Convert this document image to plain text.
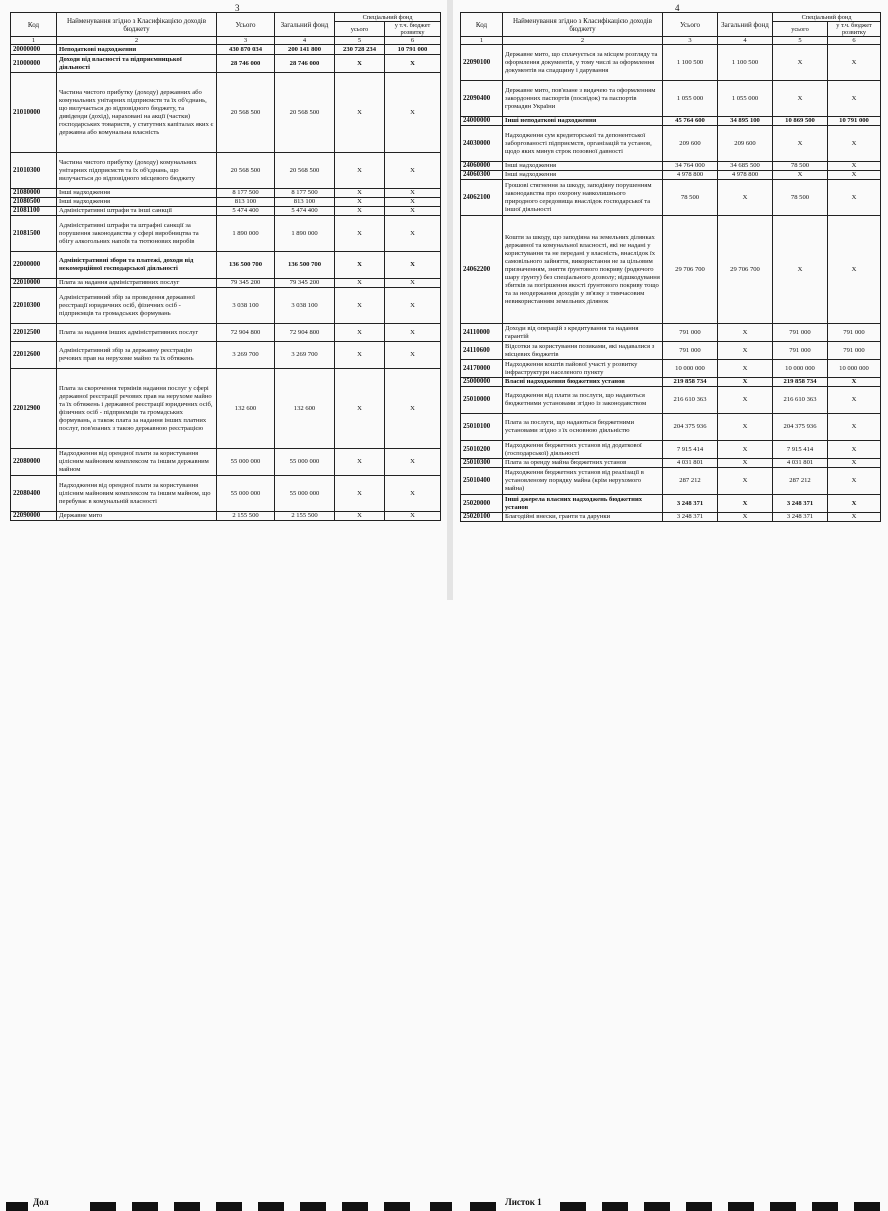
3
Код	Найменування згідно з Класифікацією доходів бюджету	Усього	Загальний фонд	Спеціальний фонд	
				усього	у т.ч. бюджет розвитку
1	2	3	4	5	6
20000000	Неподаткові надходження	430 870 034	200 141 800	230 728 234	10 791 000
21000000	Доходи від власності та підприємницької діяльності	28 746 000	28 746 000	X	X
21010000	Частина чистого прибутку (доходу) державних або комунальних унітарних підприємств та їх об'єднань, що вилучається до відповідного бюджету, та дивіденди (дохід), нараховані на акції (частки) господарських товариств, у статутних капіталах яких є державна або комунальна власність	20 568 500	20 568 500	X	X
21010300	Частина чистого прибутку (доходу) комунальних унітарних підприємств та їх об'єднань, що вилучається до відповідного місцевого бюджету	20 568 500	20 568 500	X	X
21080000	Інші надходження	8 177 500	8 177 500	X	X
21080500	Інші надходження	813 100	813 100	X	X
21081100	Адміністративні штрафи та інші санкції	5 474 400	5 474 400	X	X
21081500	Адміністративні штрафи та штрафні санкції за порушення законодавства у сфері виробництва та обігу алкогольних напоїв та тютюнових виробів	1 890 000	1 890 000	X	X
22000000	Адміністративні збори та платежі, доходи від некомерційної господарської діяльності	136 500 700	136 500 700	X	X
22010000	Плата за надання адміністративних послуг	79 345 200	79 345 200	X	X
22010300	Адміністративний збір за проведення державної реєстрації юридичних осіб, фізичних осіб - підприємців та громадських формувань	3 038 100	3 038 100	X	X
22012500	Плата за надання інших адміністративних послуг	72 904 800	72 904 800	X	X
22012600	Адміністративний збір за державну реєстрацію речових прав на нерухоме майно та їх обтяжень	3 269 700	3 269 700	X	X
22012900	Плата за скорочення термінів надання послуг у сфері державної реєстрації речових прав на нерухоме майно та їх обтяжень і державної реєстрації юридичних осіб, фізичних осіб - підприємців та громадських формувань, а також плата за надання інших платних послуг, пов'язаних з такою державною реєстрацією	132 600	132 600	X	X
22080000	Надходження від орендної плати за користування цілісним майновим комплексом та іншим державним майном	55 000 000	55 000 000	X	X
22080400	Надходження від орендної плати за користування цілісним майновим комплексом та іншим майном, що перебуває в комунальній власності	55 000 000	55 000 000	X	X
22090000	Державне мито	2 155 500	2 155 500	X	X
4
Код	Найменування згідно з Класифікацією доходів бюджету	Усього	Загальний фонд	Спеціальний фонд	
				усього	у т.ч. бюджет розвитку
1	2	3	4	5	6
22090100	Державне мито, що сплачується за місцем розгляду та оформлення документів, у тому числі за оформлення документів на спадщину і дарування	1 100 500	1 100 500	X	X
22090400	Державне мито, пов'язане з видачею та оформленням закордонних паспортів (посвідок) та паспортів громадян України	1 055 000	1 055 000	X	X
24000000	Інші неподаткові надходження	45 764 600	34 895 100	10 869 500	10 791 000
24030000	Надходження сум кредиторської та депонентської заборгованості підприємств, організацій та установ, щодо яких минув строк позовної давності	209 600	209 600	X	X
24060000	Інші надходження	34 764 000	34 685 500	78 500	X
24060300	Інші надходження	4 978 800	4 978 800	X	X
24062100	Грошові стягнення за шкоду, заподіяну порушенням законодавства про охорону навколишнього природного середовища внаслідок господарської та іншої діяльності	78 500	X	78 500	X
24062200	Кошти за шкоду, що заподіяна на земельних ділянках державної та комунальної власності, які не надані у користування та не передані у власність, внаслідок їх самовільного зайняття, використання не за цільовим призначенням, зняття ґрунтового покриву (родючого шару ґрунту) без спеціального дозволу; відшкодування збитків за погіршення якості ґрунтового покриву тощо та за неодержання доходів у зв'язку з тимчасовим невикористанням земельних ділянок	29 706 700	29 706 700	X	X
24110000	Доходи від операцій з кредитування та надання гарантій	791 000	X	791 000	791 000
24110600	Відсотки за користування позиками, які надавалися з місцевих бюджетів	791 000	X	791 000	791 000
24170000	Надходження коштів пайової участі у розвитку інфраструктури населеного пункту	10 000 000	X	10 000 000	10 000 000
25000000	Власні надходження бюджетних установ	219 858 734	X	219 858 734	X
25010000	Надходження від плати за послуги, що надаються бюджетними установами згідно із законодавством	216 610 363	X	216 610 363	X
25010100	Плата за послуги, що надаються бюджетними установами згідно з їх основною діяльністю	204 375 936	X	204 375 936	X
25010200	Надходження бюджетних установ від додаткової (господарської) діяльності	7 915 414	X	7 915 414	X
25010300	Плата за оренду майна бюджетних установ	4 031 801	X	4 031 801	X
25010400	Надходження бюджетних установ від реалізації в установленому порядку майна (крім нерухомого майна)	287 212	X	287 212	X
25020000	Інші джерела власних надходжень бюджетних установ	3 248 371	X	3 248 371	X
25020100	Благодійні внески, гранти та дарунки	3 248 371	X	3 248 371	X
Дол	Листок 1
